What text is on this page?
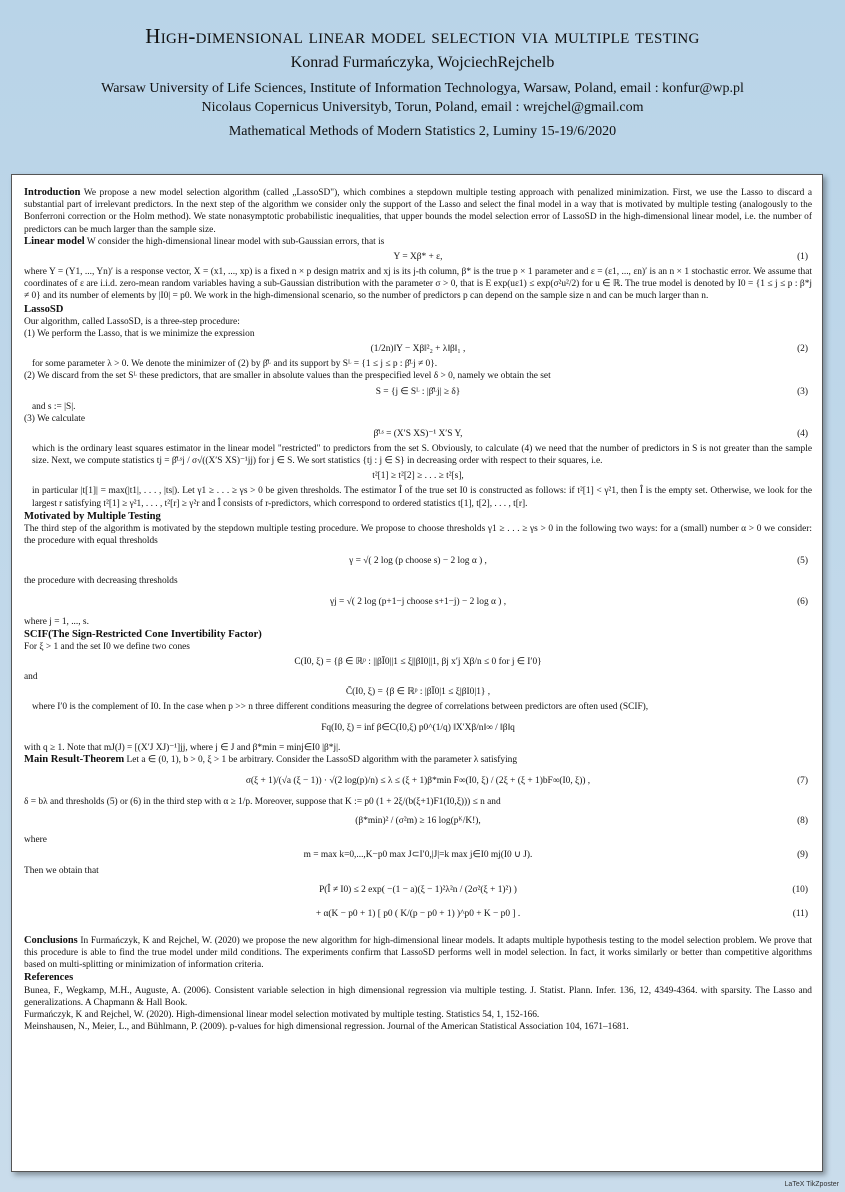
High-dimensional linear model selection via multiple testing
Konrad Furmańczyka, WojciechRejchelb
Warsaw University of Life Sciences, Institute of Information Technologya, Warsaw, Poland, email : konfur@wp.pl
Nicolaus Copernicus Universityb, Torun, Poland, email : wrejchel@gmail.com
Mathematical Methods of Modern Statistics 2, Luminy 15-19/6/2020

Introduction We propose a new model selection algorithm (called „LassoSD"), which combines a stepdown multiple testing approach with penalized minimization. First, we use the Lasso to discard a substantial part of irrelevant predictors. In the next step of the algorithm we consider only the support of the Lasso and select the final model in a way that is motivated by multiple testing (analogously to the Bonferroni correction or the Holm method). We state nonasymptotic probabilistic inequalities, that upper bounds the model selection error of LassoSD in the high-dimensional linear model, i.e. the number of predictors can be much larger than the sample size.

Linear model W consider the high-dimensional linear model with sub-Gaussian errors, that is

Y = Xβ* + ε,	(1)

where Y = (Y1, ..., Yn)′ is a response vector, X = (x1, ..., xp) is a fixed n × p design matrix and xj is its j-th column, β* is the true p × 1 parameter and ε = (ε1, ..., εn)′ is an n × 1 stochastic error. We assume that coordinates of ε are i.i.d. zero-mean random variables having a sub-Gaussian distribution with the parameter σ > 0, that is E exp(uε1) ≤ exp(σ²u²/2) for u ∈ ℝ. The true model is denoted by I0 = {1 ≤ j ≤ p : β*j ≠ 0} and its number of elements by |I0| = p0. We work in the high-dimensional scenario, so the number of predictors p can depend on the sample size n and can be much larger than n.

LassoSD

Our algorithm, called LassoSD, is a three-step procedure:

(1) We perform the Lasso, that is we minimize the expression

(1/2n)‖Y − Xβ‖²₂ + λ‖β‖₁ ,	(2)

for some parameter λ > 0. We denote the minimizer of (2) by β̂ᴸ and its support by Sᴸ = {1 ≤ j ≤ p : β̂ᴸj ≠ 0}.

(2) We discard from the set Sᴸ these predictors, that are smaller in absolute values than the prespecified level δ > 0, namely we obtain the set

S = {j ∈ Sᴸ : |β̂ᴸj| ≥ δ}	(3)

and s := |S|.

(3) We calculate

β̂ᴸˢ = (X′S XS)⁻¹ X′S Y,	(4)

which is the ordinary least squares estimator in the linear model "restricted" to predictors from the set S. Obviously, to calculate (4) we need that the number of predictors in S is not greater than the sample size. Next, we compute statistics tj = β̂ᴸˢj / σ√((X′S XS)⁻¹jj) for j ∈ S. We sort statistics {tj : j ∈ S} in decreasing order with respect to their squares, i.e.

t²[1] ≥ t²[2] ≥ . . . ≥ t²[s],

in particular |t[1]| = max(|t1|, . . . , |ts|). Let γ1 ≥ . . . ≥ γs > 0 be given thresholds. The estimator Î of the true set I0 is constructed as follows: if t²[1] < γ²1, then Î is the empty set. Otherwise, we look for the largest r satisfying t²[1] ≥ γ²1, . . . , t²[r] ≥ γ²r and Î consists of r-predictors, which correspond to ordered statistics t[1], t[2], . . . , t[r].

Motivated by Multiple Testing

The third step of the algorithm is motivated by the stepdown multiple testing procedure. We propose to choose thresholds γ1 ≥ . . . ≥ γs > 0 in the following two ways: for a (small) number α > 0 we consider: the procedure with equal thresholds

γ = √( 2 log (p choose s) − 2 log α ) ,	(5)

the procedure with decreasing thresholds

γj = √( 2 log (p+1−j choose s+1−j) − 2 log α ) ,	(6)

where j = 1, ..., s.

SCIF(The Sign-Restricted Cone Invertibility Factor)

For ξ > 1 and the set I0 we define two cones

C(I0, ξ) = {β ∈ ℝᵖ : ||βĪ0||1 ≤ ξ||βI0||1, βj x′j Xβ/n ≤ 0 for j ∈ I′0}

and

C̄(I0, ξ) = {β ∈ ℝᵖ : |βĪ0|1 ≤ ξ|βI0|1} ,

where I′0 is the complement of I0. In the case when p >> n three different conditions measuring the degree of correlations between predictors are often used (SCIF),

Fq(I0, ξ) = inf β∈C(I0,ξ) p0^(1/q) ‖X′Xβ/n‖∞ / ‖β‖q

with q ≥ 1. Note that mJ(J) = [(X′J XJ)⁻¹]jj, where j ∈ J and β*min = minj∈I0 |β*j|.

Main Result-Theorem Let a ∈ (0, 1), b > 0, ξ > 1 be arbitrary. Consider the LassoSD algorithm with the parameter λ satisfying

σ(ξ + 1)/(√a (ξ − 1)) · √(2 log(p)/n) ≤ λ ≤ (ξ + 1)β*min F∞(I0, ξ) / (2ξ + (ξ + 1)bF∞(I0, ξ)) ,	(7)

δ = bλ and thresholds (5) or (6) in the third step with α ≥ 1/p. Moreover, suppose that K := p0 (1 + 2ξ/(b(ξ+1)F1(I0,ξ))) ≤ n and

(β*min)² / (σ²m) ≥ 16 log(pᴷ/K!),	(8)

where

m = max k=0,...,K−p0 max J⊂I′0,|J|=k max j∈I0 mj(I0 ∪ J).	(9)

Then we obtain that

P(Î ≠ I0) ≤ 2 exp( −(1 − a)(ξ − 1)²λ²n / (2σ²(ξ + 1)²) )	(10)
+ α(K − p0 + 1) [ p0 ( K/(p − p0 + 1) )^p0 + K − p0 ] .	(11)

Conclusions In Furmańczyk, K and Rejchel, W. (2020) we propose the new algorithm for high-dimensional linear models. It adapts multiple hypothesis testing to the model selection problem. We prove that this procedure is able to find the true model under mild conditions. The experiments confirm that LassoSD performs well in model selection. In fact, it works similarly or better than competitive algorithms based on multi-splitting or minimization of information criteria.

References

Bunea, F., Wegkamp, M.H., Auguste, A. (2006). Consistent variable selection in high dimensional regression via multiple testing. J. Statist. Plann. Infer. 136, 12, 4349-4364. with sparsity. The Lasso and generalizations. A Chapmann & Hall Book.

Furmańczyk, K and Rejchel, W. (2020). High-dimensional linear model selection motivated by multiple testing. Statistics 54, 1, 152-166.

Meinshausen, N., Meier, L., and Bühlmann, P. (2009). p-values for high dimensional regression. Journal of the American Statistical Association 104, 1671–1681.

LaTeX TikZposter
